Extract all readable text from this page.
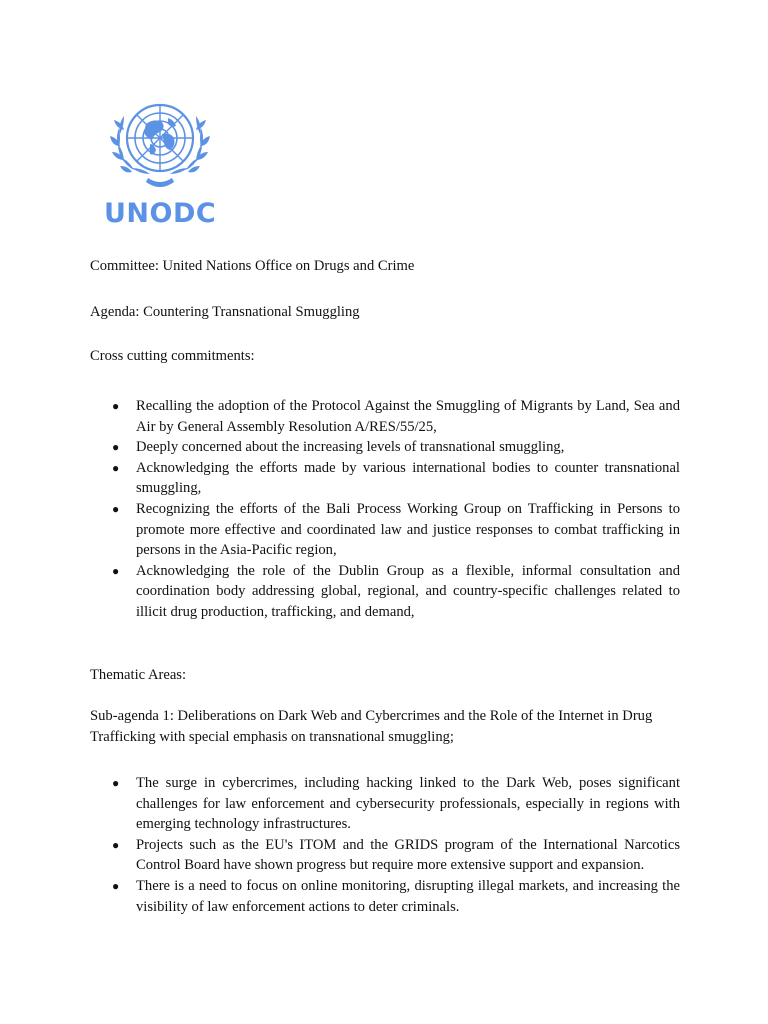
UNODC

Committee: United Nations Office on Drugs and Crime

Agenda: Countering Transnational Smuggling

Cross cutting commitments:

● Recalling the adoption of the Protocol Against the Smuggling of Migrants by Land, Sea and Air by General Assembly Resolution A/RES/55/25,
● Deeply concerned about the increasing levels of transnational smuggling,
● Acknowledging the efforts made by various international bodies to counter transnational smuggling,
● Recognizing the efforts of the Bali Process Working Group on Trafficking in Persons to promote more effective and coordinated law and justice responses to combat trafficking in persons in the Asia-Pacific region,
● Acknowledging the role of the Dublin Group as a flexible, informal consultation and coordination body addressing global, regional, and country-specific challenges related to illicit drug production, trafficking, and demand,

Thematic Areas:

Sub-agenda 1: Deliberations on Dark Web and Cybercrimes and the Role of the Internet in Drug Trafficking with special emphasis on transnational smuggling;

● The surge in cybercrimes, including hacking linked to the Dark Web, poses significant challenges for law enforcement and cybersecurity professionals, especially in regions with emerging technology infrastructures.
● Projects such as the EU's ITOM and the GRIDS program of the International Narcotics Control Board have shown progress but require more extensive support and expansion.
● There is a need to focus on online monitoring, disrupting illegal markets, and increasing the visibility of law enforcement actions to deter criminals.
